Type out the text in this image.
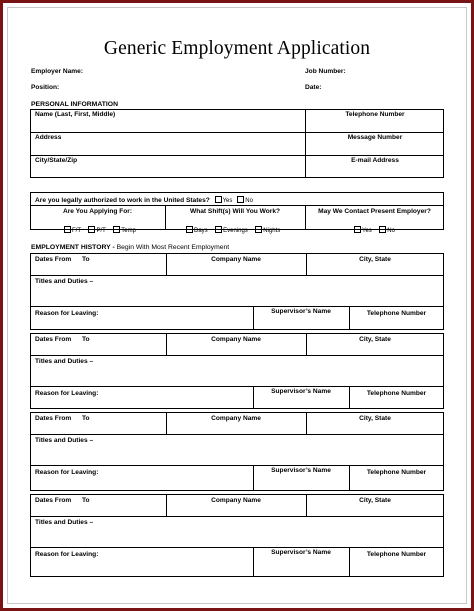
Generic Employment Application
Employer Name:	Job Number:
Position:	Date:
PERSONAL INFORMATION
Name (Last, First, Middle)	Telephone Number
Address	Message Number
City/State/Zip	E-mail Address
Are you legally authorized to work in the United States? Yes No
Are You Applying For:
F/T	P/T	Temp
What Shift(s) Will You Work?
Days	Evenings	Nights
May We Contact Present Employer?
Yes	No
EMPLOYMENT HISTORY - Begin With Most Recent Employment
Dates From To	Company Name	City, State
Titles and Duties –
Reason for Leaving:	Supervisor’s Name	Telephone Number
Dates From To	Company Name	City, State
Titles and Duties –
Reason for Leaving:	Supervisor’s Name	Telephone Number
Dates From To	Company Name	City, State
Titles and Duties –
Reason for Leaving:	Supervisor’s Name	Telephone Number
Dates From To	Company Name	City, State
Titles and Duties –
Reason for Leaving:	Supervisor’s Name	Telephone Number
